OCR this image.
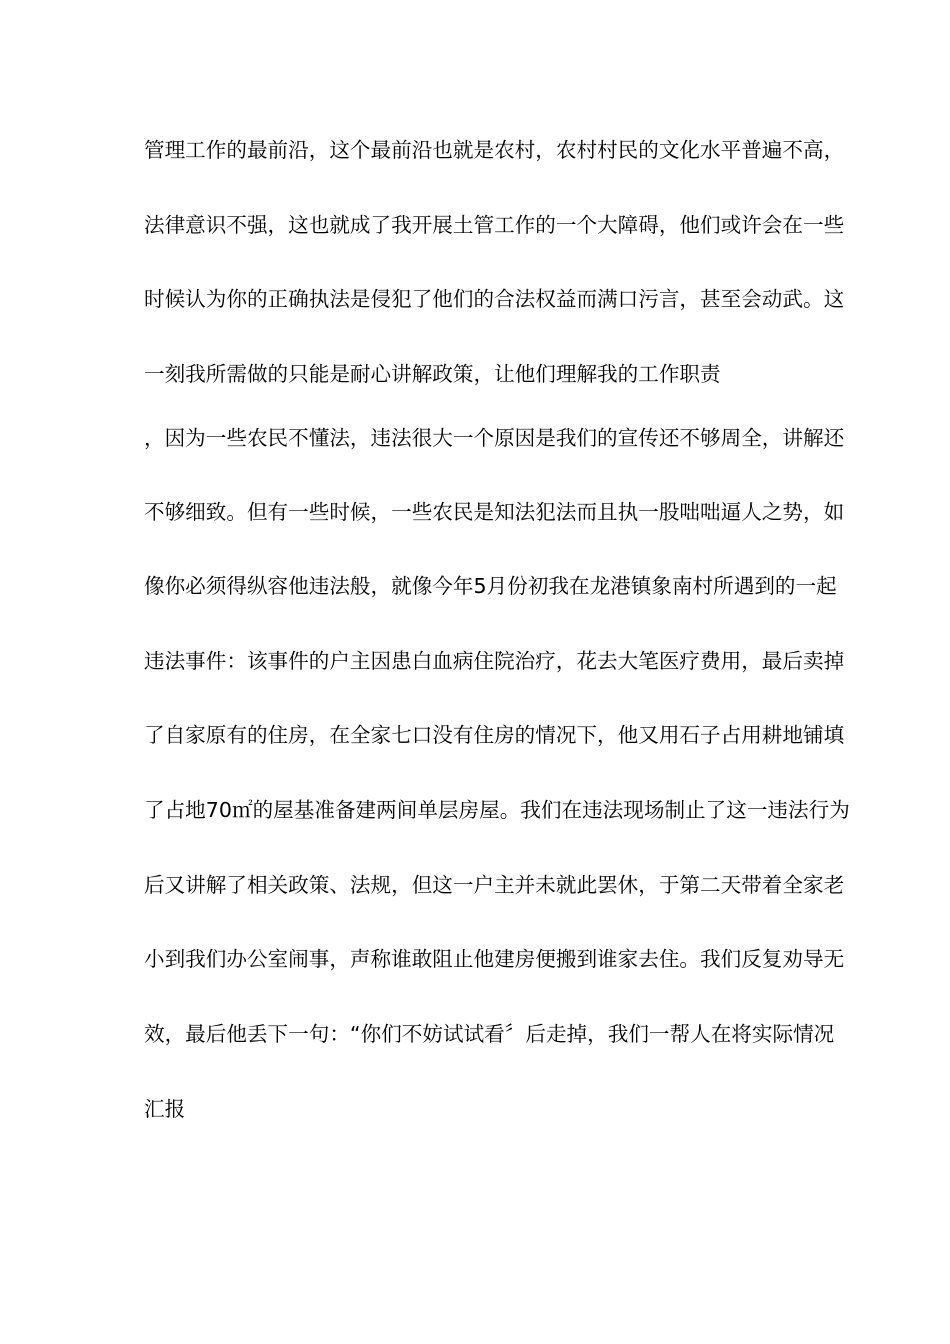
管理工作的最前沿，这个最前沿也就是农村，农村村民的文化水平普遍不高，
法律意识不强，这也就成了我开展土管工作的一个大障碍，他们或许会在一些
时候认为你的正确执法是侵犯了他们的合法权益而满口污言，甚至会动武。这
一刻我所需做的只能是耐心讲解政策，让他们理解我的工作职责
，因为一些农民不懂法，违法很大一个原因是我们的宣传还不够周全，讲解还
不够细致。但有一些时候，一些农民是知法犯法而且执一股咄咄逼人之势，如
像你必须得纵容他违法般，就像今年5月份初我在龙港镇象南村所遇到的一起
违法事件：该事件的户主因患白血病住院治疗，花去大笔医疗费用，最后卖掉
了自家原有的住房，在全家七口没有住房的情况下，他又用石子占用耕地铺填
了占地70㎡的屋基准备建两间单层房屋。我们在违法现场制止了这一违法行为
后又讲解了相关政策、法规，但这一户主并未就此罢休，于第二天带着全家老
小到我们办公室闹事，声称谁敢阻止他建房便搬到谁家去住。我们反复劝导无
效，最后他丢下一句：“你们不妨试试看〞后走掉，我们一帮人在将实际情况
汇报
